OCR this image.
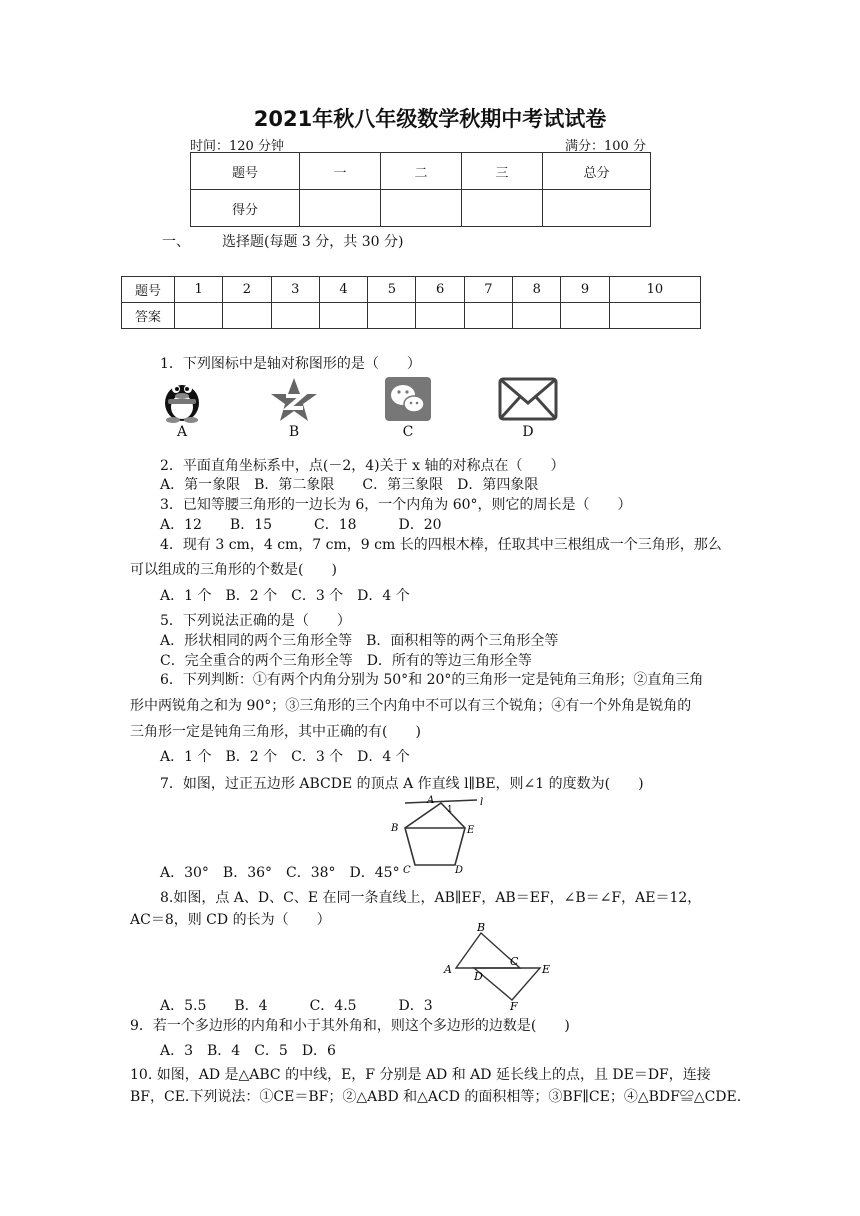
2021年秋八年级数学秋期中考试试卷
时间：120 分钟	满分：100 分
题号	一	二	三	总分
得分				
一、 选择题(每题 3 分，共 30 分)
题号	1	2	3	4	5	6	7	8	9	10
答案										
1．下列图标中是轴对称图形的是（　　）
A	B	C	D
2．平面直角坐标系中，点(－2，4)关于 x 轴的对称点在（　　）
A．第一象限　B．第二象限　　C．第三象限　D．第四象限
3．已知等腰三角形的一边长为 6，一个内角为 60°，则它的周长是（　　）
A．12　　B．15　　　C．18　　　D．20
4．现有 3 cm，4 cm，7 cm，9 cm 长的四根木棒，任取其中三根组成一个三角形，那么
可以组成的三角形的个数是(　　)
A．1 个　B．2 个　C．3 个　D．4 个
5．下列说法正确的是（　　）
A．形状相同的两个三角形全等　B．面积相等的两个三角形全等
C．完全重合的两个三角形全等　D．所有的等边三角形全等
6．下列判断：①有两个内角分别为 50°和 20°的三角形一定是钝角三角形；②直角三角
形中两锐角之和为 90°；③三角形的三个内角中不可以有三个锐角；④有一个外角是锐角的
三角形一定是钝角三角形，其中正确的有(　　)
A．1 个　B．2 个　C．3 个　D．4 个
7．如图，过正五边形 ABCDE 的顶点 A 作直线 l∥BE，则∠1 的度数为(　　)
A
1
l
B	E
C	D
A．30°　B．36°　C．38°　D．45°
8.如图，点 A、D、C、E 在同一条直线上，AB∥EF，AB＝EF，∠B＝∠F，AE＝12，
AC＝8，则 CD 的长为（　　）	B
A
D
C
E
F
A．5.5　　B．4　　　C．4.5　　　D．3
9．若一个多边形的内角和小于其外角和，则这个多边形的边数是(　　)
A．3　B．4　C．5　D．6
10. 如图，AD 是△ABC 的中线，E，F 分别是 AD 和 AD 延长线上的点，且 DE＝DF，连接
BF，CE.下列说法：①CE＝BF；②△ABD 和△ACD 的面积相等；③BF∥CE；④△BDF≌△CDE.
